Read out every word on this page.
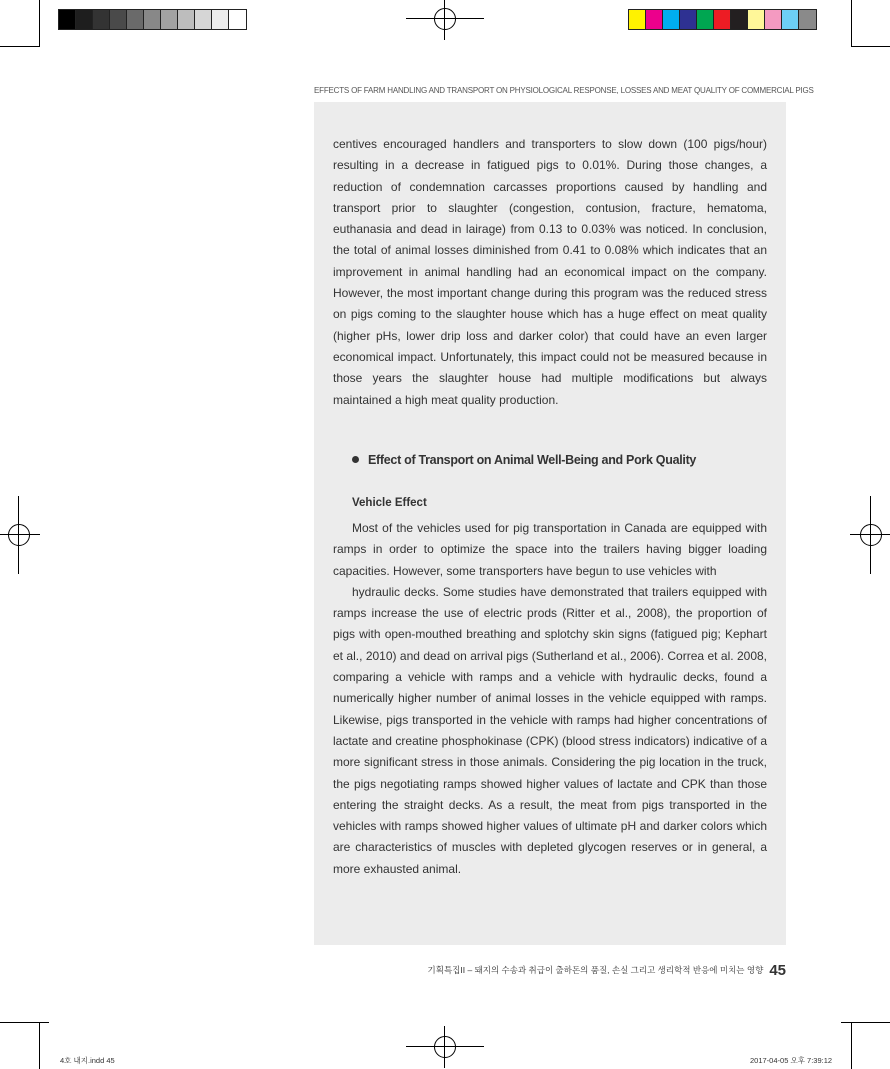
EFFECTS OF FARM HANDLING AND TRANSPORT ON PHYSIOLOGICAL RESPONSE, LOSSES AND MEAT QUALITY OF COMMERCIAL PIGS
centives encouraged handlers and transporters to slow down (100 pigs/hour) resulting in a decrease in fatigued pigs to 0.01%. During those changes, a reduction of condemnation carcasses proportions caused by handling and transport prior to slaughter (congestion, contusion, fracture, hematoma, euthanasia and dead in lairage) from 0.13 to 0.03% was noticed. In conclusion, the total of animal losses diminished from 0.41 to 0.08% which indicates that an improvement in animal handling had an economical impact on the company. However, the most important change during this program was the reduced stress on pigs coming to the slaughter house which has a huge effect on meat quality (higher pHs, lower drip loss and darker color) that could have an even larger economical impact. Unfortunately, this impact could not be measured because in those years the slaughter house had multiple modifications but always maintained a high meat quality production.
Effect of Transport on Animal Well-Being and Pork Quality
Vehicle Effect
Most of the vehicles used for pig transportation in Canada are equipped with ramps in order to optimize the space into the trailers having bigger loading capacities. However, some transporters have begun to use vehicles with
hydraulic decks. Some studies have demonstrated that trailers equipped with ramps increase the use of electric prods (Ritter et al., 2008), the proportion of pigs with open-mouthed breathing and splotchy skin signs (fatigued pig; Kephart et al., 2010) and dead on arrival pigs (Sutherland et al., 2006). Correa et al. 2008, comparing a vehicle with ramps and a vehicle with hydraulic decks, found a numerically higher number of animal losses in the vehicle equipped with ramps. Likewise, pigs transported in the vehicle with ramps had higher concentrations of lactate and creatine phosphokinase (CPK) (blood stress indicators) indicative of a more significant stress in those animals. Considering the pig location in the truck, the pigs negotiating ramps showed higher values of lactate and CPK than those entering the straight decks. As a result, the meat from pigs transported in the vehicles with ramps showed higher values of ultimate pH and darker colors which are characteristics of muscles with depleted glycogen reserves or in general, a more exhausted animal.
기획특집II – 돼지의 수송과 취급이 출하돈의 품질, 손실 그리고 생리학적 반응에 미치는 영향 45
4호 내지.indd 45	2017-04-05 오후 7:39:12
